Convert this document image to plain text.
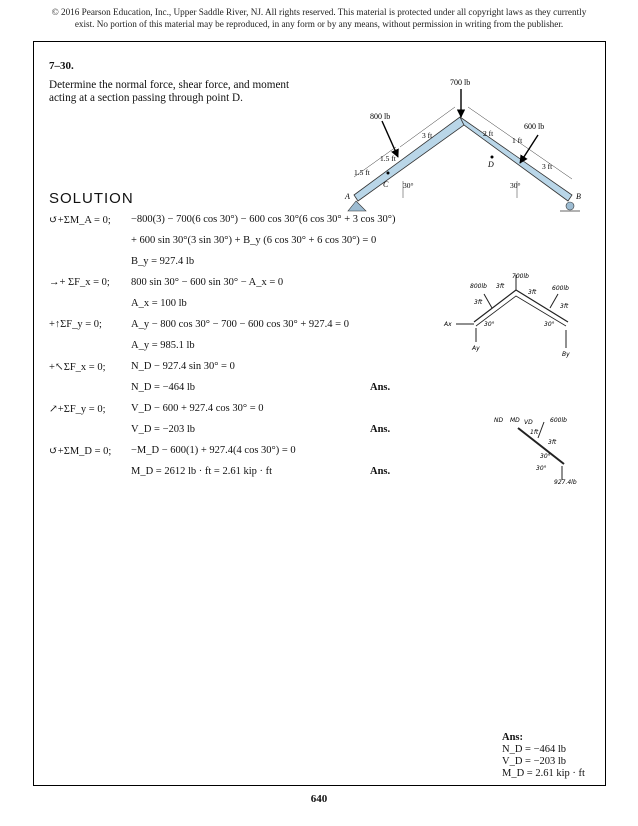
© 2016 Pearson Education, Inc., Upper Saddle River, NJ. All rights reserved. This material is protected under all copyright laws as they currently
exist. No portion of this material may be reproduced, in any form or by any means, without permission in writing from the publisher.
7–30.
Determine the normal force, shear force, and moment acting at a section passing through point D.
700 lb
800 lb
600 lb
3 ft	2 ft
1 ft
1.5 ft
1.5 ft
3 ft
A	B
C
D
30°	30°
SOLUTION
↺+ΣM_A = 0; −800(3) − 700(6 cos 30°) − 600 cos 30°(6 cos 30° + 3 cos 30°)
+ 600 sin 30°(3 sin 30°) + B_y (6 cos 30° + 6 cos 30°) = 0
B_y = 927.4 lb
→+ ΣF_x = 0; 800 sin 30° − 600 sin 30° − A_x = 0
A_x = 100 lb
+↑ΣF_y = 0;	A_y − 800 cos 30° − 700 − 600 cos 30° + 927.4 = 0
A_y = 985.1 lb
+↖ΣF_x = 0; N_D − 927.4 sin 30° = 0
N_D = −464 lb	Ans.
↗+ΣF_y = 0; V_D − 600 + 927.4 cos 30° = 0
V_D = −203 lb	Ans.
↺+ΣM_D = 0; −M_D − 600(1) + 927.4(4 cos 30°) = 0
M_D = 2612 lb · ft = 2.61 kip · ft	Ans.
700lb
800lb 3ft
3ft
600lb
3ft
3ft
Ax
Ay
By
30°	30°
ND MD VD	600lb
1ft
3ft
30°
30°
927.4lb
Ans:
N_D = −464 lb
V_D = −203 lb
M_D = 2.61 kip · ft
640
